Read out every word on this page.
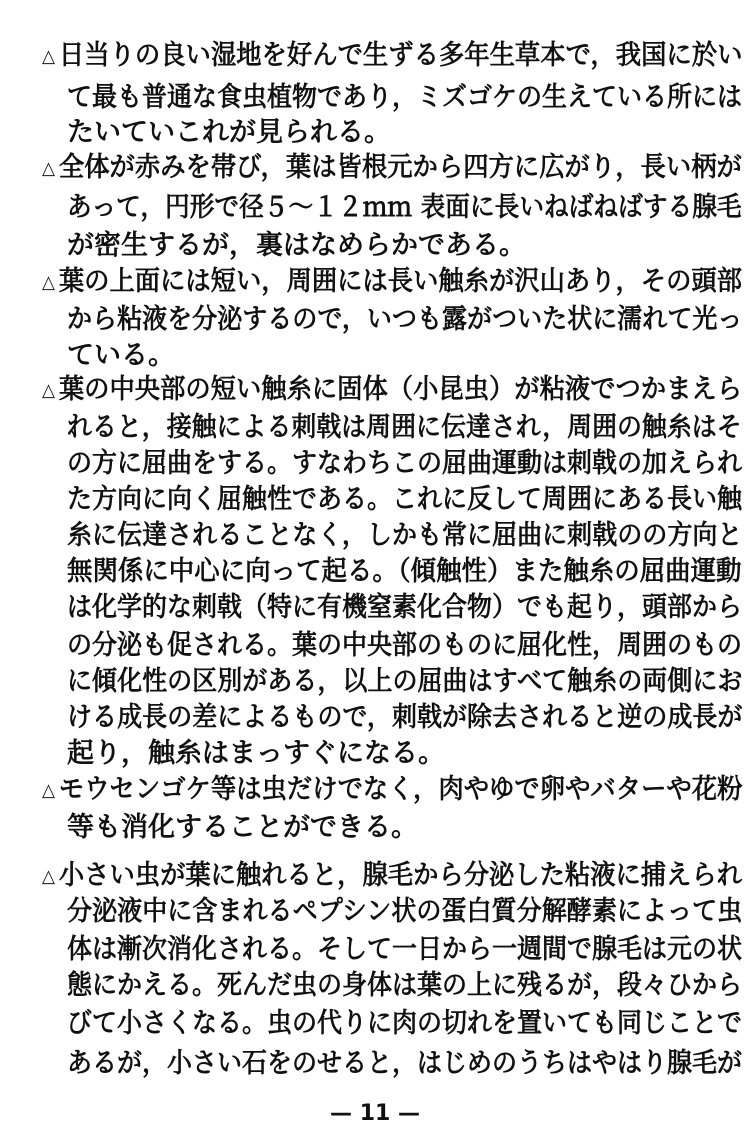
△ 日当りの良い湿地を好んで生ずる多年生草本で，我国に於い
て最も普通な食虫植物であり，ミズゴケの生えている所には
たいていこれが見られる。
△ 全体が赤みを帯び，葉は皆根元から四方に広がり，長い柄が
あって，円形で径５～１２ｍｍ 表面に長いねばねばする腺毛
が密生するが，裏はなめらかである。
△ 葉の上面には短い，周囲には長い触糸が沢山あり，その頭部
から粘液を分泌するので，いつも露がついた状に濡れて光っ
ている。
△ 葉の中央部の短い触糸に固体（小昆虫）が粘液でつかまえら
れると，接触による刺戟は周囲に伝達され，周囲の触糸はそ
の方に屈曲をする。すなわちこの屈曲運動は刺戟の加えられ
た方向に向く屈触性である。これに反して周囲にある長い触
糸に伝達されることなく，しかも常に屈曲に刺戟のの方向と
無関係に中心に向って起る。（傾触性）また触糸の屈曲運動
は化学的な刺戟（特に有機窒素化合物）でも起り，頭部から
の分泌も促される。葉の中央部のものに屈化性，周囲のもの
に傾化性の区別がある，以上の屈曲はすべて触糸の両側にお
ける成長の差によるもので，刺戟が除去されると逆の成長が
起り，触糸はまっすぐになる。
△ モウセンゴケ等は虫だけでなく，肉やゆで卵やバターや花粉
等も消化することができる。
△ 小さい虫が葉に触れると，腺毛から分泌した粘液に捕えられ
分泌液中に含まれるペプシン状の蛋白質分解酵素によって虫
体は漸次消化される。そして一日から一週間で腺毛は元の状
態にかえる。死んだ虫の身体は葉の上に残るが，段々ひから
びて小さくなる。虫の代りに肉の切れを置いても同じことで
あるが，小さい石をのせると，はじめのうちはやはり腺毛が
— 11 —
